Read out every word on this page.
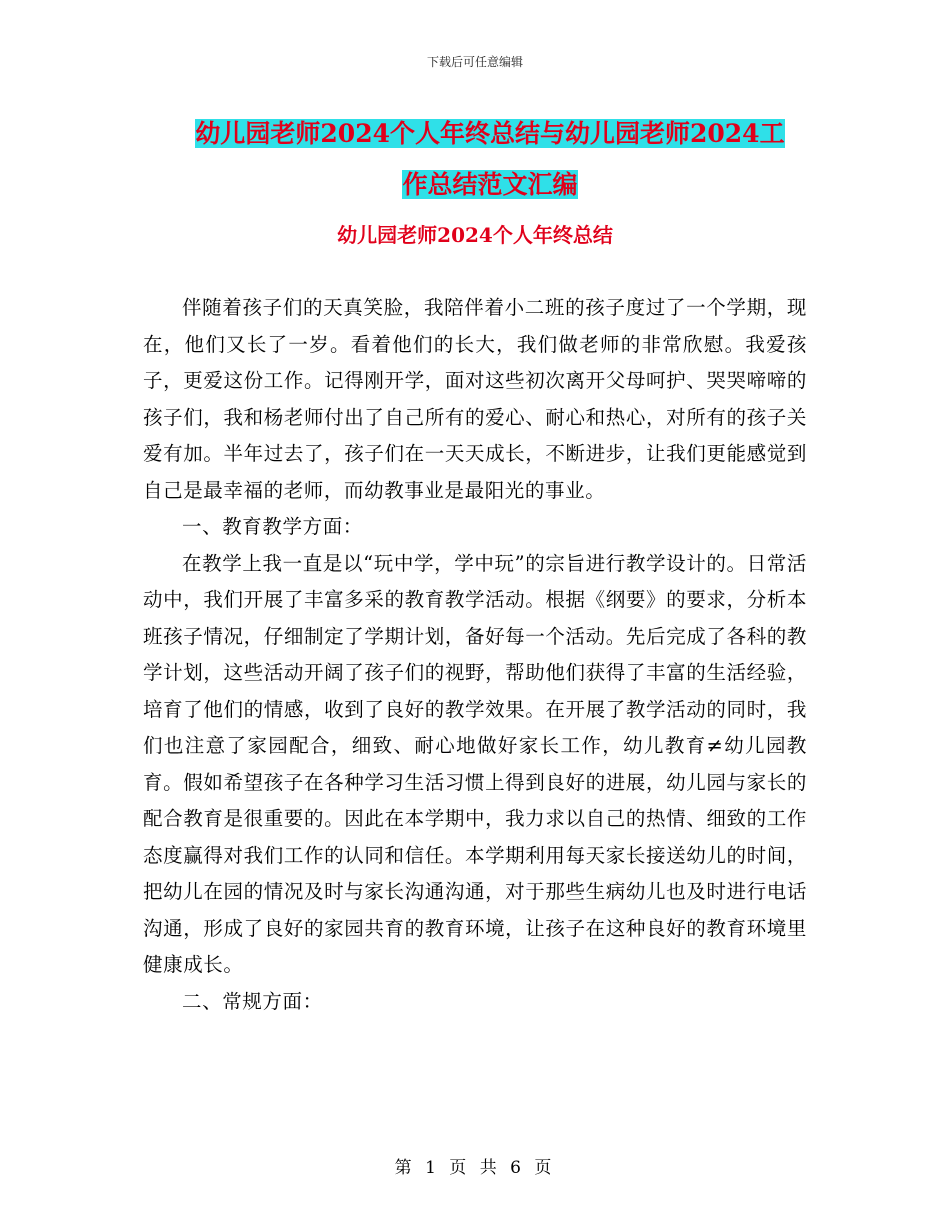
下载后可任意编辑
幼儿园老师2024个人年终总结与幼儿园老师2024工
作总结范文汇编
幼儿园老师2024个人年终总结

伴随着孩子们的天真笑脸，我陪伴着小二班的孩子度过了一个学期，现在，他们又长了一岁。看着他们的长大，我们做老师的非常欣慰。我爱孩子，更爱这份工作。记得刚开学，面对这些初次离开父母呵护、哭哭啼啼的孩子们，我和杨老师付出了自己所有的爱心、耐心和热心，对所有的孩子关爱有加。半年过去了，孩子们在一天天成长，不断进步，让我们更能感觉到自己是最幸福的老师，而幼教事业是最阳光的事业。

一、教育教学方面：

在教学上我一直是以“玩中学，学中玩”的宗旨进行教学设计的。日常活动中，我们开展了丰富多采的教育教学活动。根据《纲要》的要求，分析本班孩子情况，仔细制定了学期计划，备好每一个活动。先后完成了各科的教学计划，这些活动开阔了孩子们的视野，帮助他们获得了丰富的生活经验，培育了他们的情感，收到了良好的教学效果。在开展了教学活动的同时，我们也注意了家园配合，细致、耐心地做好家长工作，幼儿教育≠幼儿园教育。假如希望孩子在各种学习生活习惯上得到良好的进展，幼儿园与家长的配合教育是很重要的。因此在本学期中，我力求以自己的热情、细致的工作态度赢得对我们工作的认同和信任。本学期利用每天家长接送幼儿的时间，把幼儿在园的情况及时与家长沟通沟通，对于那些生病幼儿也及时进行电话沟通，形成了良好的家园共育的教育环境，让孩子在这种良好的教育环境里健康成长。

二、常规方面：

第 1 页 共 6 页
